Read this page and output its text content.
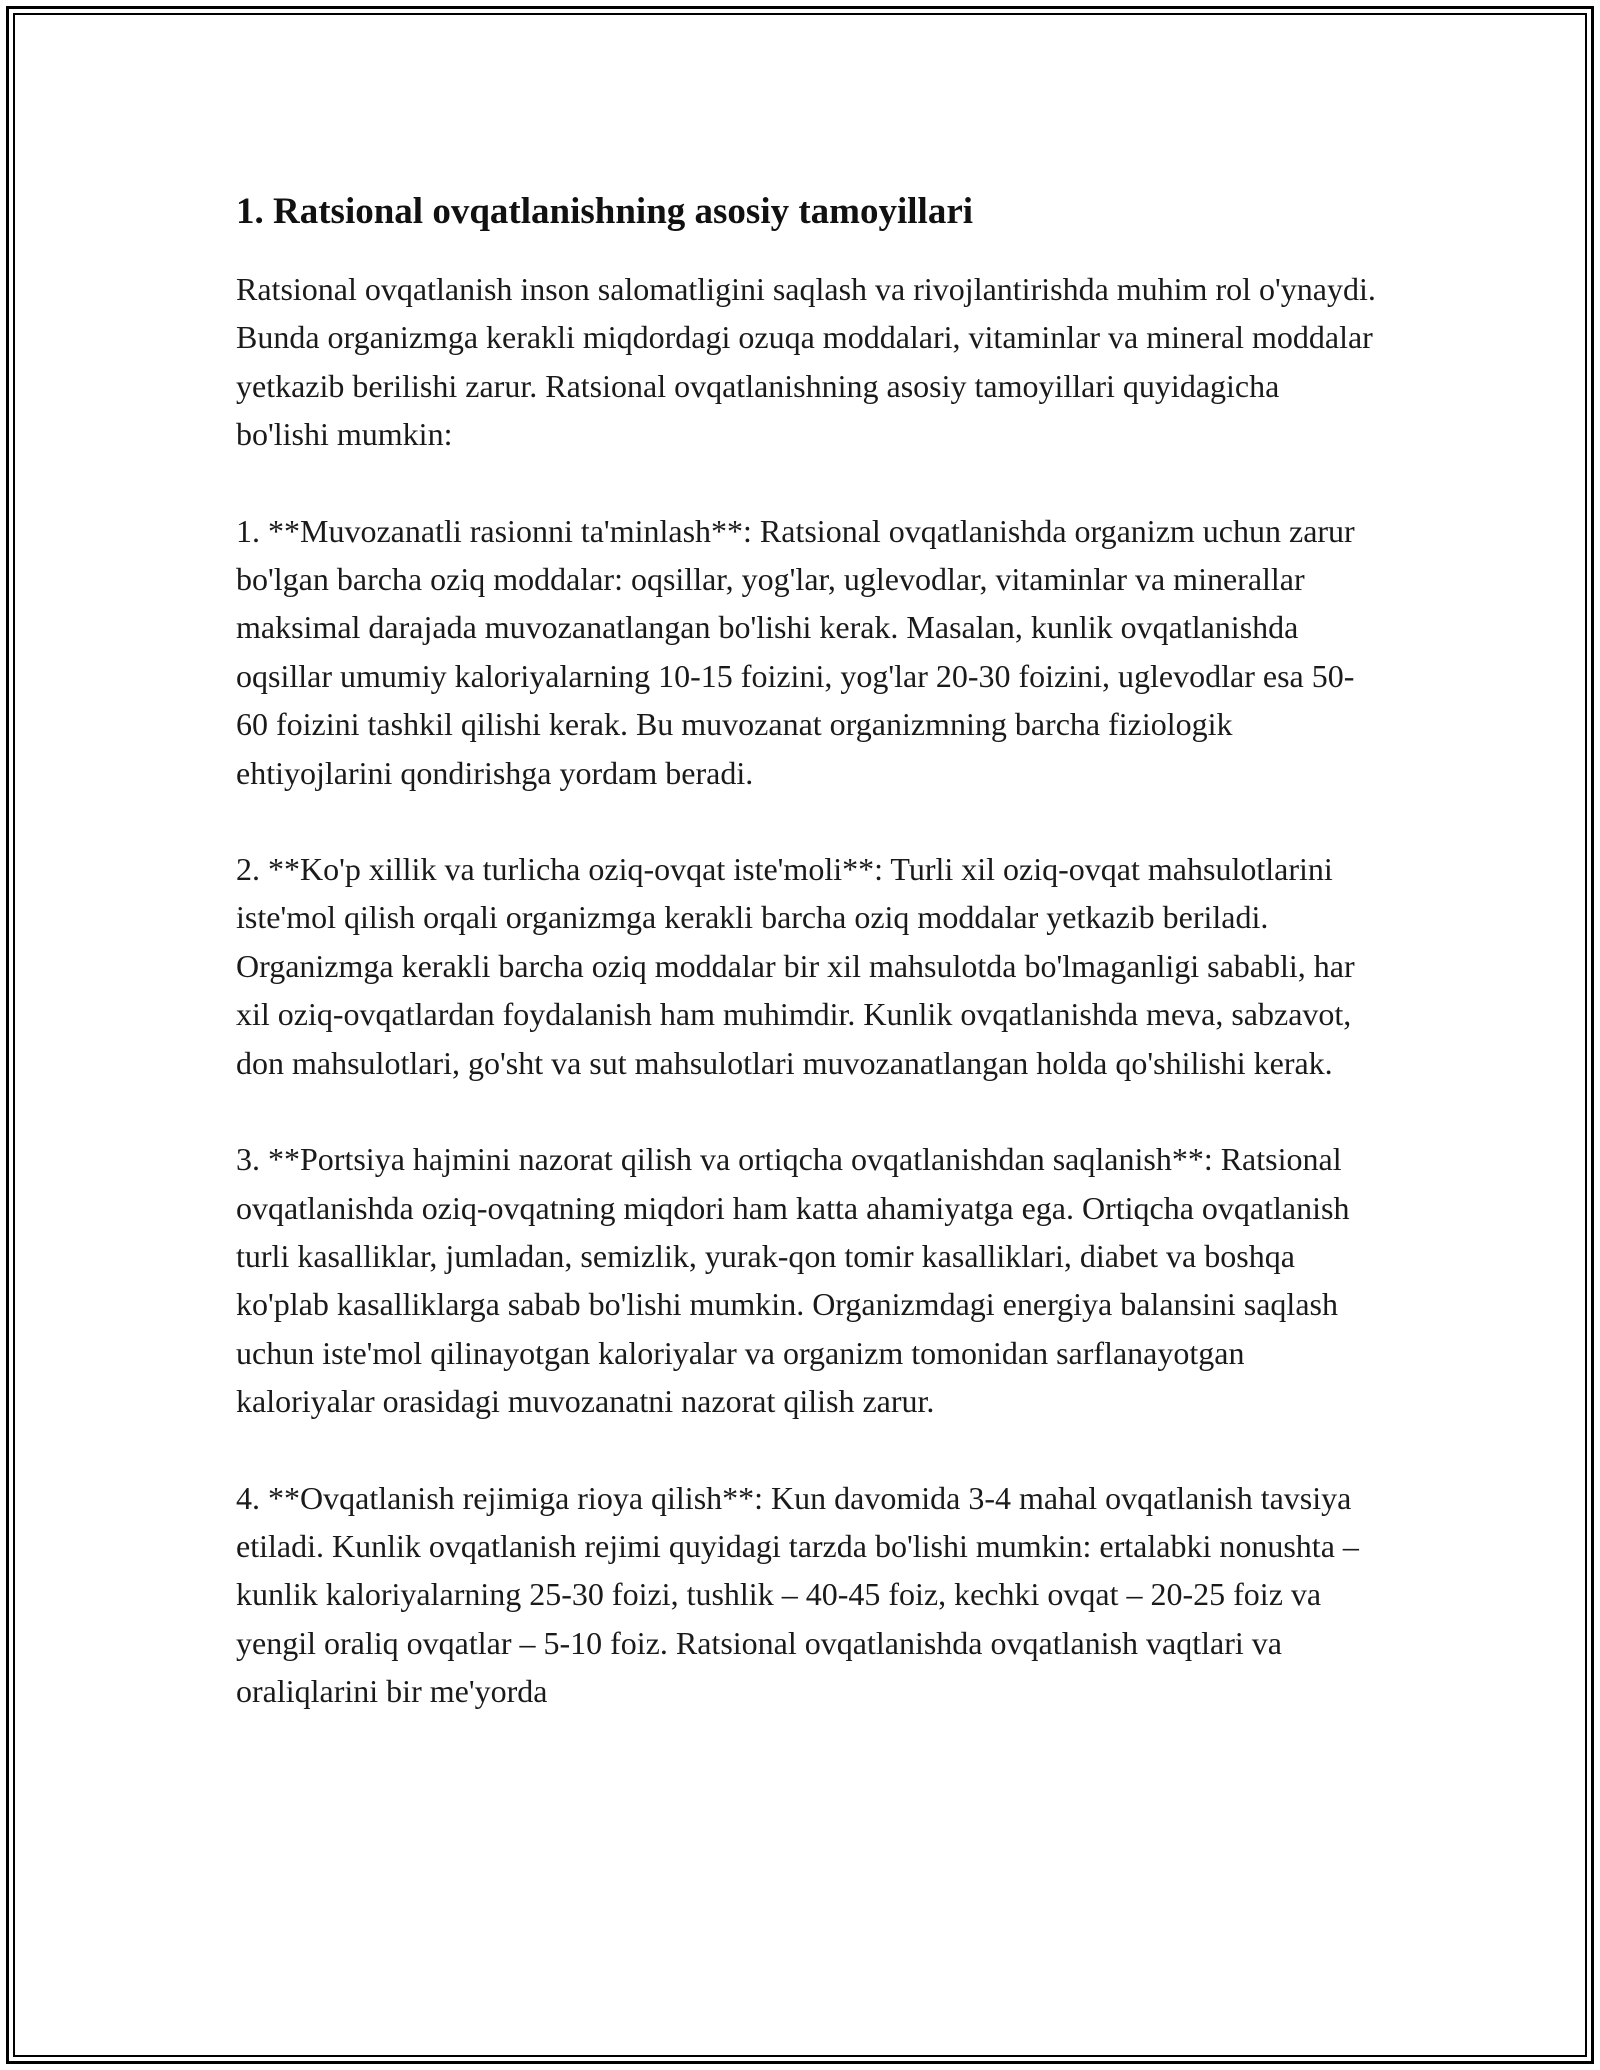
1. Ratsional ovqatlanishning asosiy tamoyillari

Ratsional ovqatlanish inson salomatligini saqlash va rivojlantirishda muhim rol o'ynaydi. Bunda organizmga kerakli miqdordagi ozuqa moddalari, vitaminlar va mineral moddalar yetkazib berilishi zarur. Ratsional ovqatlanishning asosiy tamoyillari quyidagicha bo'lishi mumkin:

1. **Muvozanatli rasionni ta'minlash**: Ratsional ovqatlanishda organizm uchun zarur bo'lgan barcha oziq moddalar: oqsillar, yog'lar, uglevodlar, vitaminlar va minerallar maksimal darajada muvozanatlangan bo'lishi kerak. Masalan, kunlik ovqatlanishda oqsillar umumiy kaloriyalarning 10-15 foizini, yog'lar 20-30 foizini, uglevodlar esa 50-60 foizini tashkil qilishi kerak. Bu muvozanat organizmning barcha fiziologik ehtiyojlarini qondirishga yordam beradi.

2. **Ko'p xillik va turlicha oziq-ovqat iste'moli**: Turli xil oziq-ovqat mahsulotlarini iste'mol qilish orqali organizmga kerakli barcha oziq moddalar yetkazib beriladi. Organizmga kerakli barcha oziq moddalar bir xil mahsulotda bo'lmaganligi sababli, har xil oziq-ovqatlardan foydalanish ham muhimdir. Kunlik ovqatlanishda meva, sabzavot, don mahsulotlari, go'sht va sut mahsulotlari muvozanatlangan holda qo'shilishi kerak.

3. **Portsiya hajmini nazorat qilish va ortiqcha ovqatlanishdan saqlanish**: Ratsional ovqatlanishda oziq-ovqatning miqdori ham katta ahamiyatga ega. Ortiqcha ovqatlanish turli kasalliklar, jumladan, semizlik, yurak-qon tomir kasalliklari, diabet va boshqa ko'plab kasalliklarga sabab bo'lishi mumkin. Organizmdagi energiya balansini saqlash uchun iste'mol qilinayotgan kaloriyalar va organizm tomonidan sarflanayotgan kaloriyalar orasidagi muvozanatni nazorat qilish zarur.

4. **Ovqatlanish rejimiga rioya qilish**: Kun davomida 3-4 mahal ovqatlanish tavsiya etiladi. Kunlik ovqatlanish rejimi quyidagi tarzda bo'lishi mumkin: ertalabki nonushta – kunlik kaloriyalarning 25-30 foizi, tushlik – 40-45 foiz, kechki ovqat – 20-25 foiz va yengil oraliq ovqatlar – 5-10 foiz. Ratsional ovqatlanishda ovqatlanish vaqtlari va oraliqlarini bir me'yorda
